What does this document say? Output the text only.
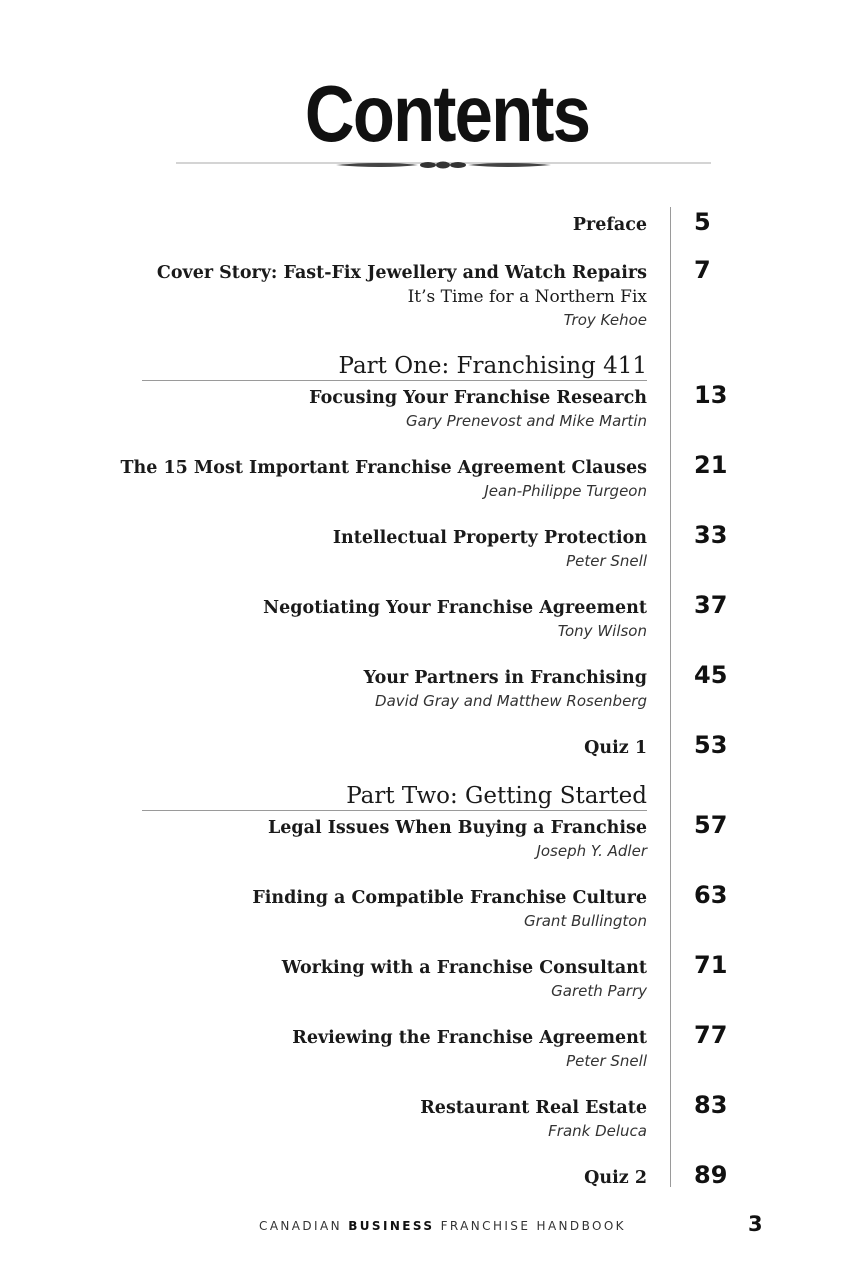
Contents
Preface 5
Cover Story: Fast-Fix Jewellery and Watch Repairs
It’s Time for a Northern Fix
Troy Kehoe
7
Part One: Franchising 411
Focusing Your Franchise Research
Gary Prenevost and Mike Martin
13
The 15 Most Important Franchise Agreement Clauses
Jean-Philippe Turgeon
21
Intellectual Property Protection
Peter Snell
33
Negotiating Your Franchise Agreement
Tony Wilson
37
Your Partners in Franchising
David Gray and Matthew Rosenberg
45
Quiz 1 53
Part Two: Getting Started
Legal Issues When Buying a Franchise
Joseph Y. Adler
57
Finding a Compatible Franchise Culture
Grant Bullington
63
Working with a Franchise Consultant
Gareth Parry
71
Reviewing the Franchise Agreement
Peter Snell
77
Restaurant Real Estate
Frank Deluca
83
Quiz 2 89
CANADIAN BUSINESS FRANCHISE HANDBOOK	3
